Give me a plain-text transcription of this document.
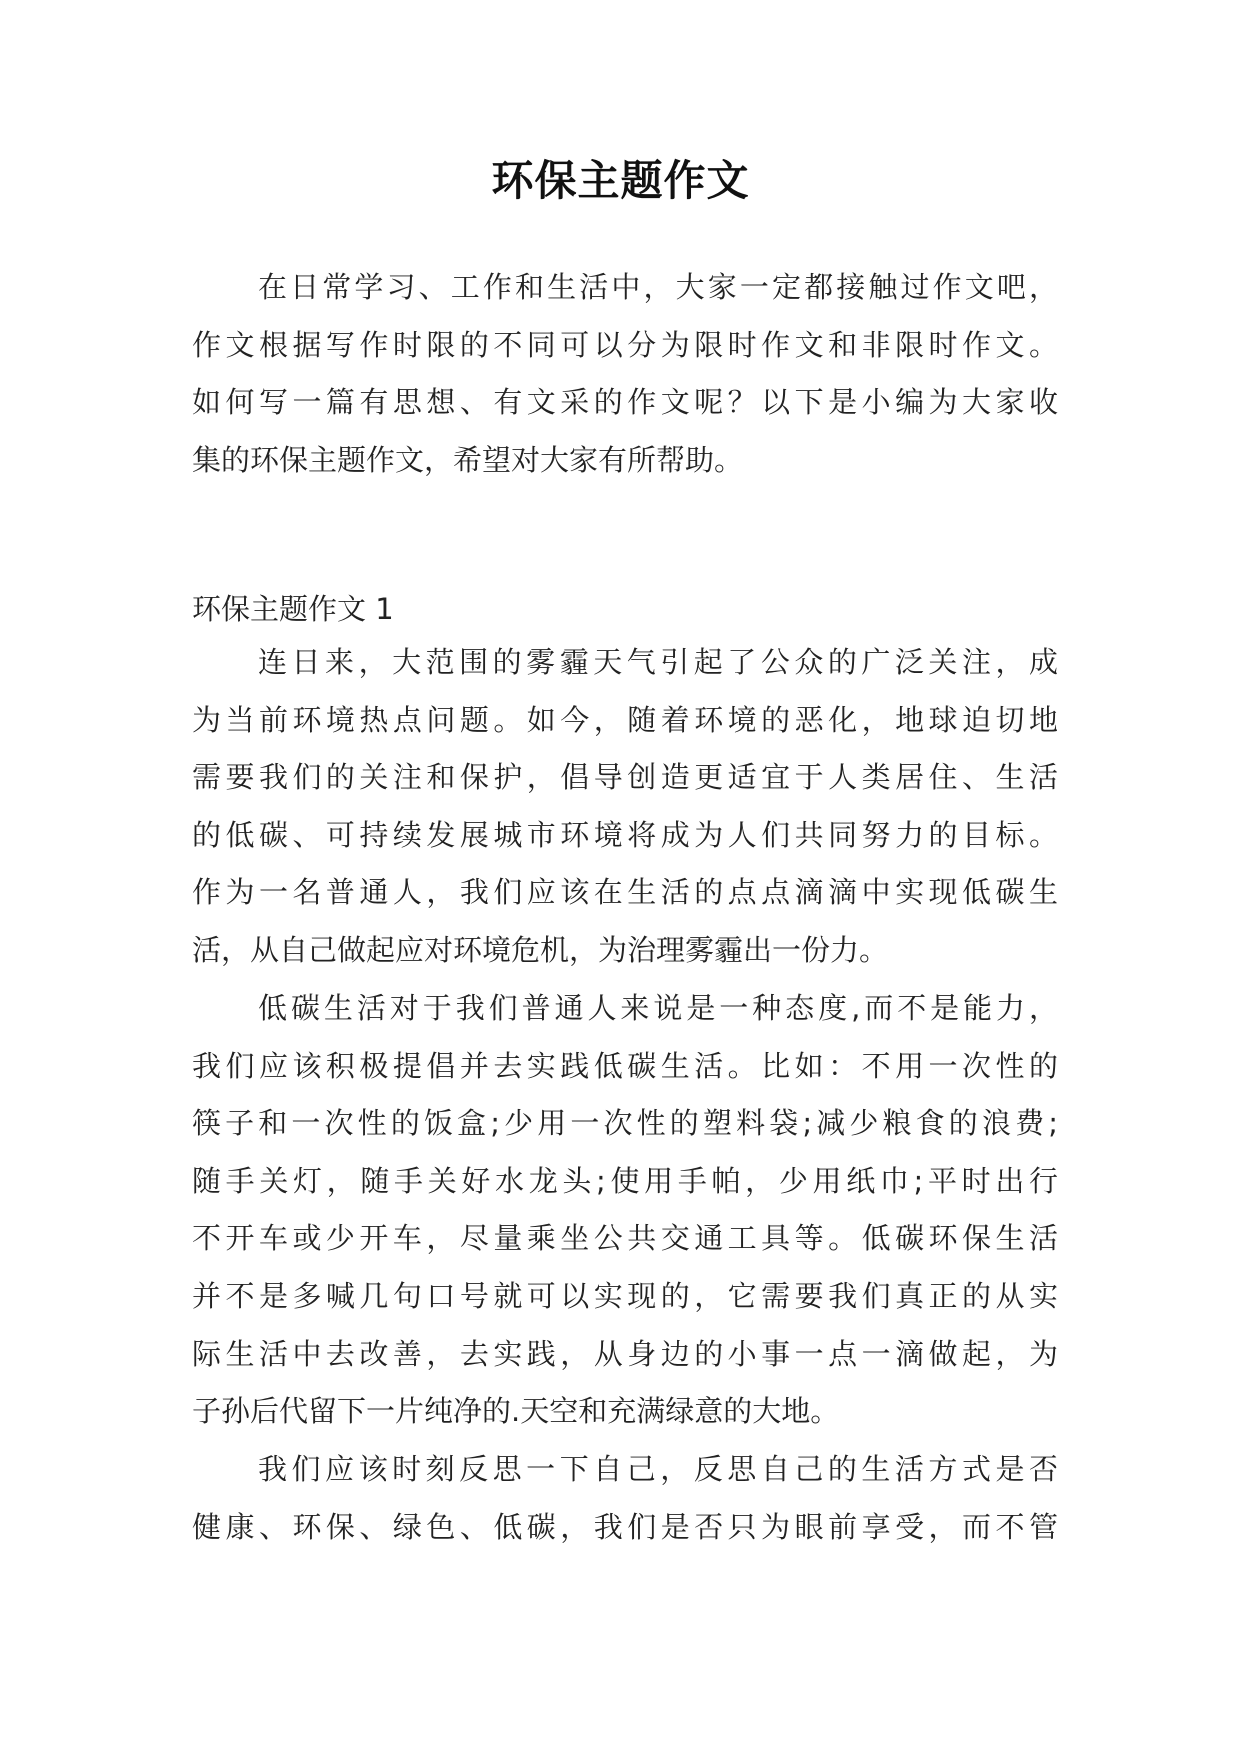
环保主题作文
在日常学习、工作和生活中，大家一定都接触过作文吧，
作文根据写作时限的不同可以分为限时作文和非限时作文。
如何写一篇有思想、有文采的作文呢？以下是小编为大家收
集的环保主题作文，希望对大家有所帮助。
环保主题作文 1
连日来，大范围的雾霾天气引起了公众的广泛关注，成
为当前环境热点问题。如今，随着环境的恶化，地球迫切地
需要我们的关注和保护，倡导创造更适宜于人类居住、生活
的低碳、可持续发展城市环境将成为人们共同努力的目标。
作为一名普通人，我们应该在生活的点点滴滴中实现低碳生
活，从自己做起应对环境危机，为治理雾霾出一份力。
低碳生活对于我们普通人来说是一种态度,而不是能力，
我们应该积极提倡并去实践低碳生活。比如：不用一次性的
筷子和一次性的饭盒;少用一次性的塑料袋;减少粮食的浪费;
随手关灯，随手关好水龙头;使用手帕，少用纸巾;平时出行
不开车或少开车，尽量乘坐公共交通工具等。低碳环保生活
并不是多喊几句口号就可以实现的，它需要我们真正的从实
际生活中去改善，去实践，从身边的小事一点一滴做起，为
子孙后代留下一片纯净的.天空和充满绿意的大地。
我们应该时刻反思一下自己，反思自己的生活方式是否
健康、环保、绿色、低碳，我们是否只为眼前享受，而不管
